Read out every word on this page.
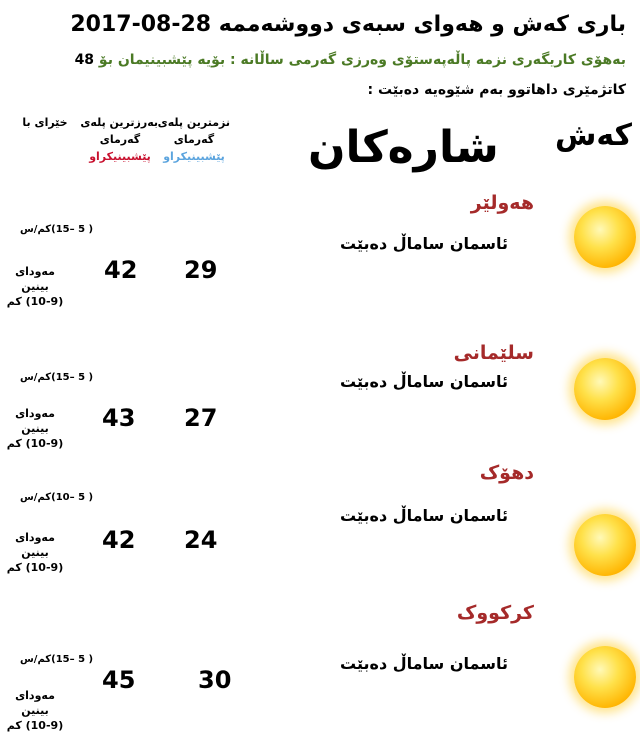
باری کەش و هەوای سبەی دووشەممە 28-08-2017
بەهۆی کاریگەری نزمە پاڵەپەستۆی وەرزی گەرمی ساڵانە : بۆیە پێشبینیمان بۆ 48
کاتژمێری داهاتوو بەم شێوەیە دەبێت :
کەش
شارەکان
نزمترین پلەی
گەرمای
پێشبینیکراو
بەرزترین پلەی
گەرمای
پێشبینیکراو
خێرای با
هەولێر
ئاسمان ساماڵ دەبێت
29
42
( 5 –15)کم/س
مەودای بینین
(10-9) کم
سلێمانی
ئاسمان ساماڵ دەبێت
27
43
( 5 –15)کم/س
مەودای بینین
(10-9) کم
دهۆک
ئاسمان ساماڵ دەبێت
24
42
( 5 –10)کم/س
مەودای بینین
(10-9) کم
کرکووک
ئاسمان ساماڵ دەبێت
30
45
( 5 –15)کم/س
مەودای بینین
(10-9) کم
